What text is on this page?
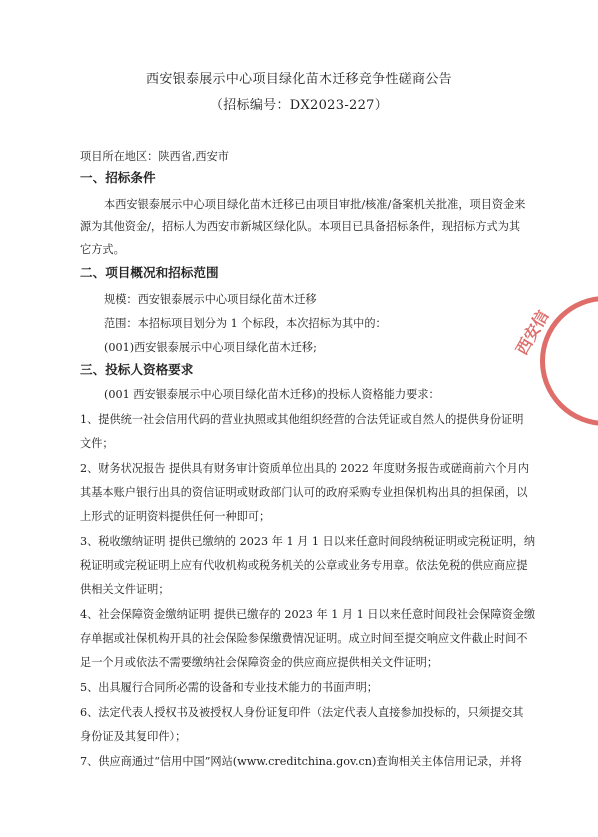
西安银泰展示中心项目绿化苗木迁移竞争性磋商公告
（招标编号：DX2023-227）
项目所在地区：陕西省,西安市
一、招标条件
本西安银泰展示中心项目绿化苗木迁移已由项目审批/核准/备案机关批准，项目资金来
源为其他资金/，招标人为西安市新城区绿化队。本项目已具备招标条件，现招标方式为其
它方式。
二、项目概况和招标范围
规模：西安银泰展示中心项目绿化苗木迁移
范围：本招标项目划分为 1 个标段，本次招标为其中的：
(001)西安银泰展示中心项目绿化苗木迁移;
三、投标人资格要求
(001 西安银泰展示中心项目绿化苗木迁移)的投标人资格能力要求：
1、提供统一社会信用代码的营业执照或其他组织经营的合法凭证或自然人的提供身份证明
文件；
2、财务状况报告 提供具有财务审计资质单位出具的 2022 年度财务报告或磋商前六个月内
其基本账户银行出具的资信证明或财政部门认可的政府采购专业担保机构出具的担保函，以
上形式的证明资料提供任何一种即可；
3、税收缴纳证明 提供已缴纳的 2023 年 1 月 1 日以来任意时间段纳税证明或完税证明，纳
税证明或完税证明上应有代收机构或税务机关的公章或业务专用章。依法免税的供应商应提
供相关文件证明；
4、社会保障资金缴纳证明 提供已缴存的 2023 年 1 月 1 日以来任意时间段社会保障资金缴
存单据或社保机构开具的社会保险参保缴费情况证明。成立时间至提交响应文件截止时间不
足一个月或依法不需要缴纳社会保障资金的供应商应提供相关文件证明；
5、出具履行合同所必需的设备和专业技术能力的书面声明；
6、法定代表人授权书及被授权人身份证复印件（法定代表人直接参加投标的，只须提交其
身份证及其复印件）；
7、供应商通过“信用中国”网站(www.creditchina.gov.cn)查询相关主体信用记录，并将
西安信
